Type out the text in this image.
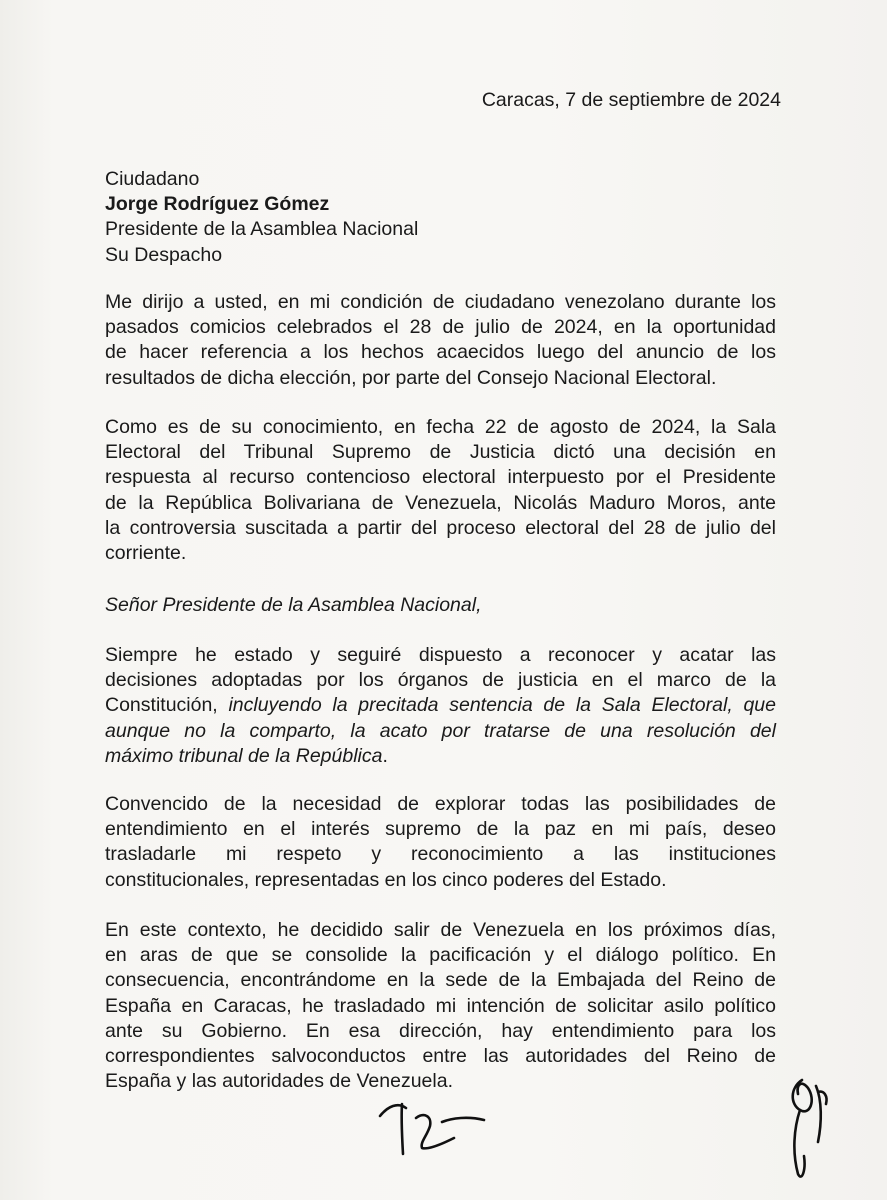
Caracas, 7 de septiembre de 2024
Ciudadano
Jorge Rodríguez Gómez
Presidente de la Asamblea Nacional
Su Despacho
Me dirijo a usted, en mi condición de ciudadano venezolano durante los
pasados comicios celebrados el 28 de julio de 2024, en la oportunidad
de hacer referencia a los hechos acaecidos luego del anuncio de los
resultados de dicha elección, por parte del Consejo Nacional Electoral.
Como es de su conocimiento, en fecha 22 de agosto de 2024, la Sala
Electoral del Tribunal Supremo de Justicia dictó una decisión en
respuesta al recurso contencioso electoral interpuesto por el Presidente
de la República Bolivariana de Venezuela, Nicolás Maduro Moros, ante
la controversia suscitada a partir del proceso electoral del 28 de julio del
corriente.
Señor Presidente de la Asamblea Nacional,
Siempre he estado y seguiré dispuesto a reconocer y acatar las
decisiones adoptadas por los órganos de justicia en el marco de la
Constitución, incluyendo la precitada sentencia de la Sala Electoral, que
aunque no la comparto, la acato por tratarse de una resolución del
máximo tribunal de la República.
Convencido de la necesidad de explorar todas las posibilidades de
entendimiento en el interés supremo de la paz en mi país, deseo
trasladarle mi respeto y reconocimiento a las instituciones
constitucionales, representadas en los cinco poderes del Estado.
En este contexto, he decidido salir de Venezuela en los próximos días,
en aras de que se consolide la pacificación y el diálogo político. En
consecuencia, encontrándome en la sede de la Embajada del Reino de
España en Caracas, he trasladado mi intención de solicitar asilo político
ante su Gobierno. En esa dirección, hay entendimiento para los
correspondientes salvoconductos entre las autoridades del Reino de
España y las autoridades de Venezuela.
